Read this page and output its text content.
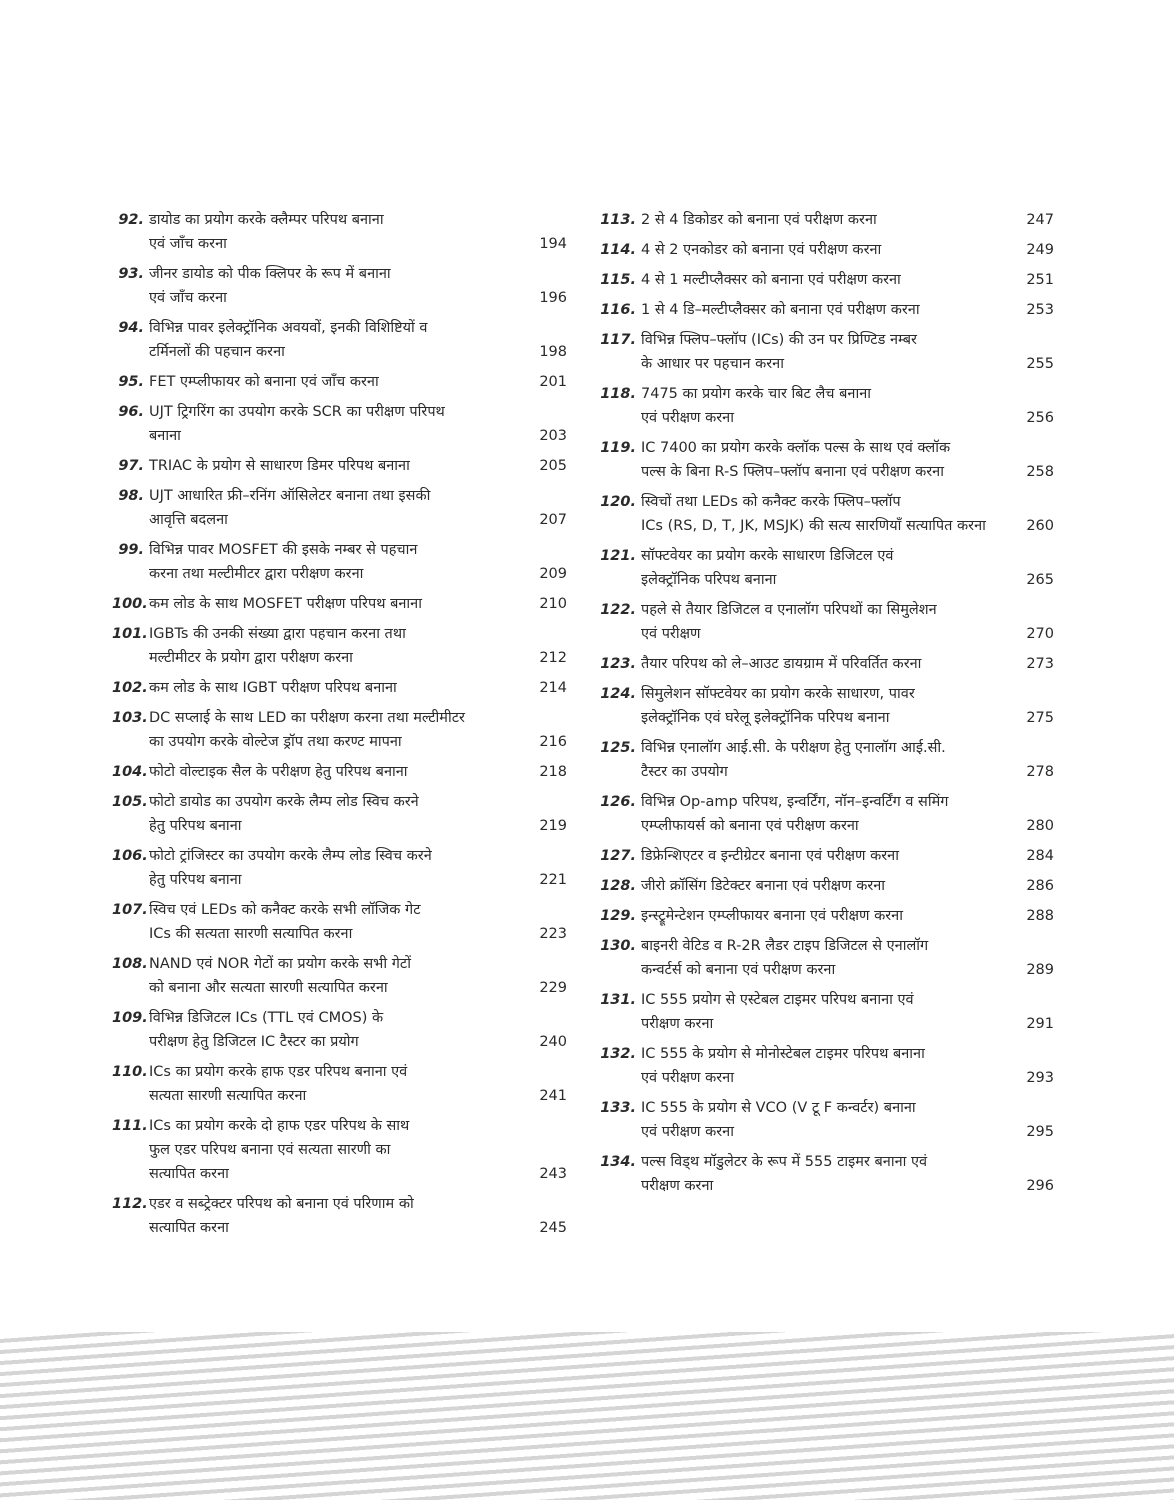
92. डायोड का प्रयोग करके क्लैम्पर परिपथ बनाना
एवं जाँच करना	194
93. जीनर डायोड को पीक क्लिपर के रूप में बनाना
एवं जाँच करना	196
94. विभिन्न पावर इलेक्ट्रॉनिक अवयवों, इनकी विशिष्टियों व
टर्मिनलों की पहचान करना	198
95. FET एम्प्लीफायर को बनाना एवं जाँच करना	201
96. UJT ट्रिगरिंग का उपयोग करके SCR का परीक्षण परिपथ
बनाना	203
97. TRIAC के प्रयोग से साधारण डिमर परिपथ बनाना	205
98. UJT आधारित फ्री–रनिंग ऑसिलेटर बनाना तथा इसकी
आवृत्ति बदलना	207
99. विभिन्न पावर MOSFET की इसके नम्बर से पहचान
करना तथा मल्टीमीटर द्वारा परीक्षण करना	209
100. कम लोड के साथ MOSFET परीक्षण परिपथ बनाना	210
101. IGBTs की उनकी संख्या द्वारा पहचान करना तथा
मल्टीमीटर के प्रयोग द्वारा परीक्षण करना	212
102. कम लोड के साथ IGBT परीक्षण परिपथ बनाना	214
103. DC सप्लाई के साथ LED का परीक्षण करना तथा मल्टीमीटर
का उपयोग करके वोल्टेज ड्रॉप तथा करण्ट मापना	216
104. फोटो वोल्टाइक सैल के परीक्षण हेतु परिपथ बनाना	218
105. फोटो डायोड का उपयोग करके लैम्प लोड स्विच करने
हेतु परिपथ बनाना	219
106. फोटो ट्रांजिस्टर का उपयोग करके लैम्प लोड स्विच करने
हेतु परिपथ बनाना	221
107. स्विच एवं LEDs को कनैक्ट करके सभी लॉजिक गेट
ICs की सत्यता सारणी सत्यापित करना	223
108. NAND एवं NOR गेटों का प्रयोग करके सभी गेटों
को बनाना और सत्यता सारणी सत्यापित करना	229
109. विभिन्न डिजिटल ICs (TTL एवं CMOS) के
परीक्षण हेतु डिजिटल IC टैस्टर का प्रयोग	240
110. ICs का प्रयोग करके हाफ एडर परिपथ बनाना एवं
सत्यता सारणी सत्यापित करना	241
111. ICs का प्रयोग करके दो हाफ एडर परिपथ के साथ
फुल एडर परिपथ बनाना एवं सत्यता सारणी का
सत्यापित करना	243
112. एडर व सब्ट्रेक्टर परिपथ को बनाना एवं परिणाम को
सत्यापित करना	245
113. 2 से 4 डिकोडर को बनाना एवं परीक्षण करना	247
114. 4 से 2 एनकोडर को बनाना एवं परीक्षण करना	249
115. 4 से 1 मल्टीप्लैक्सर को बनाना एवं परीक्षण करना	251
116. 1 से 4 डि–मल्टीप्लैक्सर को बनाना एवं परीक्षण करना	253
117. विभिन्न फ्लिप–फ्लॉप (ICs) की उन पर प्रिण्टिड नम्बर
के आधार पर पहचान करना	255
118. 7475 का प्रयोग करके चार बिट लैच बनाना
एवं परीक्षण करना	256
119. IC 7400 का प्रयोग करके क्लॉक पल्स के साथ एवं क्लॉक
पल्स के बिना R-S फ्लिप–फ्लॉप बनाना एवं परीक्षण करना	258
120. स्विचों तथा LEDs को कनैक्ट करके फ्लिप–फ्लॉप
ICs (RS, D, T, JK, MSJK) की सत्य सारणियाँ सत्यापित करना	260
121. सॉफ्टवेयर का प्रयोग करके साधारण डिजिटल एवं
इलेक्ट्रॉनिक परिपथ बनाना	265
122. पहले से तैयार डिजिटल व एनालॉग परिपथों का सिमुलेशन
एवं परीक्षण	270
123. तैयार परिपथ को ले–आउट डायग्राम में परिवर्तित करना	273
124. सिमुलेशन सॉफ्टवेयर का प्रयोग करके साधारण, पावर
इलेक्ट्रॉनिक एवं घरेलू इलेक्ट्रॉनिक परिपथ बनाना	275
125. विभिन्न एनालॉग आई.सी. के परीक्षण हेतु एनालॉग आई.सी.
टैस्टर का उपयोग	278
126. विभिन्न Op-amp परिपथ, इन्वर्टिंग, नॉन–इन्वर्टिंग व समिंग
एम्प्लीफायर्स को बनाना एवं परीक्षण करना	280
127. डिफ्रेन्शिएटर व इन्टीग्रेटर बनाना एवं परीक्षण करना	284
128. जीरो क्रॉसिंग डिटेक्टर बनाना एवं परीक्षण करना	286
129. इन्स्ट्रूमेन्टेशन एम्प्लीफायर बनाना एवं परीक्षण करना	288
130. बाइनरी वेटिड व R-2R लैडर टाइप डिजिटल से एनालॉग
कन्वर्टर्स को बनाना एवं परीक्षण करना	289
131. IC 555 प्रयोग से एस्टेबल टाइमर परिपथ बनाना एवं
परीक्षण करना	291
132. IC 555 के प्रयोग से मोनोस्टेबल टाइमर परिपथ बनाना
एवं परीक्षण करना	293
133. IC 555 के प्रयोग से VCO (V टू F कन्वर्टर) बनाना
एवं परीक्षण करना	295
134. पल्स विड्थ मॉडुलेटर के रूप में 555 टाइमर बनाना एवं
परीक्षण करना	296
